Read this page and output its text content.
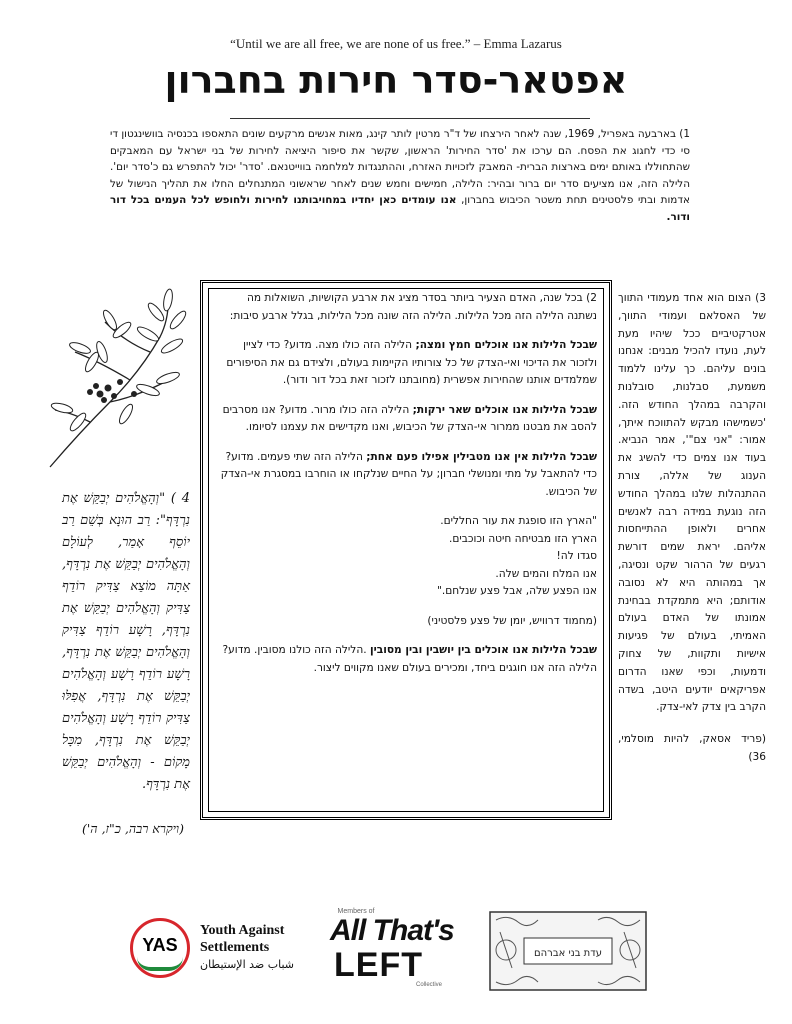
“Until we are all free, we are none of us free.” – Emma Lazarus
אפטאר-סדר חירות בחברון
1) בארבעה באפריל, 1969, שנה לאחר הירצחו של ד"ר מרטין לותר קינג, מאות אנשים מרקעים שונים התאספו בכנסיה בוושינגטון די סי כדי לחגוג את הפסח. הם ערכו את 'סדר החירות' הראשון, שקשר את סיפור היציאה לחירות של בני ישראל עם המאבקים שהתחוללו באותם ימים בארצות הברית- המאבק לזכויות האזרח, וההתנגדות למלחמה בווייטנאם. 'סדר' יכול להתפרש גם כ'סדר יום'. הלילה הזה, אנו מציעים סדר יום ברור ובהיר: הלילה, חמישים וחמש שנים לאחר שראשוני המתנחלים החלו את תהליך הנישול של אדמות ובתי פלסטינים תחת משטר הכיבוש בחברון, אנו עומדים כאן יחדיו במחויבותנו לחירות ולחופש לכל העמים בכל דור ודור.

2) בכל שנה, האדם הצעיר ביותר בסדר מציג את ארבע הקושיות, השואלות מה נשתנה הלילה הזה מכל הלילות. הלילה הזה שונה מכל הלילות, בגלל ארבע סיבות:

שבכל הלילות אנו אוכלים חמץ ומצה; הלילה הזה כולו מצה. מדוע? כדי לציין ולזכור את הדיכוי ואי-הצדק של כל צורותיו הקיימות בעולם, ולצידם גם את הסיפורים שמלמדים אותנו שהחירות אפשרית (מחובתנו לזכור זאת בכל דור ודור).

שבכל הלילות אנו אוכלים שאר ירקות; הלילה הזה כולו מרור. מדוע? אנו מסרבים להסב את מבטנו ממרור אי-הצדק של הכיבוש, ואנו מקדישים את עצמנו לסיומו.

שבכל הלילות אין אנו מטבילין אפילו פעם אחת; הלילה הזה שתי פעמים. מדוע? כדי להתאבל על מתי ומנושלי חברון; על החיים שנלקחו או הוחרבו במסגרת אי-הצדק של הכיבוש.

"הארץ הזו סופגת את עור החללים.
הארץ הזו מבטיחה חיטה וכוכבים.
סגדו לה!
אנו המלח והמים שלה.
אנו הפצע שלה, אבל פצע שנלחם."

(מחמוד דרוויש, יומן של פצע פלסטיני)

שבכל הלילות אנו אוכלים בין יושבין ובין מסובין .הלילה הזה כולנו מסובין. מדוע? הלילה הזה אנו חוגגים ביחד, ומכירים בעולם שאנו מקווים ליצור.

3) הצום הוא אחד מעמודי התווך של האסלאם ועמודי התווך, אטרקטיביים ככל שיהיו מעת לעת, נועדו להכיל מבנים: אנחנו בונים עליהם. כך עלינו ללמוד משמעת, סבלנות, סובלנות והקרבה במהלך החודש הזה. 'כשמישהו מבקש להתווכח איתך, אמור: "אני צם"', אמר הנביא. בעוד אנו צמים כדי להשיג את הענוג של אללה, צורת ההתנהלות שלנו במהלך החודש הזה נוגעת במידה רבה לאנשים אחרים ולאופן ההתייחסות אליהם. יראת שמים דורשת רגעים של הרהור שקט ונסיגה, אך במהותה היא לא נסובה אודותם; היא מתמקדת בבחינת אמונתו של האדם בעולם האמיתי, בעולם של פגיעות אישיות ותקוות, של צחוק ודמעות, וכפי שאנו הדרום אפריקאים יודעים היטב, בשדה הקרב בין צדק לאי-צדק.
(פריד אסאק, להיות מוסלמי, 36)
4 ) "וְהָאֱלֹהִים יְבַקֵּשׁ אֶת נִרְדָּף": רַב הוּנָא בְּשֵׁם רַב יוֹסֵף אָמַר, לְעוֹלָם וְהָאֱלֹהִים יְבַקֵּשׁ אֶת נִרְדָּף, אַתָּה מוֹצֵא צַדִּיק רוֹדֵף צַדִּיק וְהָאֱלֹהִים יְבַקֵּשׁ אֶת נִרְדָּף, רָשָׁע רוֹדֵף צַדִּיק וְהָאֱלֹהִים יְבַקֵּשׁ אֶת נִרְדָּף, רָשָׁע רוֹדֵף רָשָׁע וְהָאֱלֹהִים יְבַקֵּשׁ אֶת נִרְדָּף, אֲפִלּוּ צַדִּיק רוֹדֵף רָשָׁע וְהָאֱלֹהִים יְבַקֵּשׁ אֶת נִרְדָּף, מִכָּל מָקוֹם - וְהָאֱלֹהִים יְבַקֵּשׁ אֶת נִרְדָּף.
(ויקרא רבה, כ"ז, ה')
YAS
Youth Against Settlements
شباب ضد الإستيطان
Members of
All That's
LEFT
Collective
עדת בני אברהם
